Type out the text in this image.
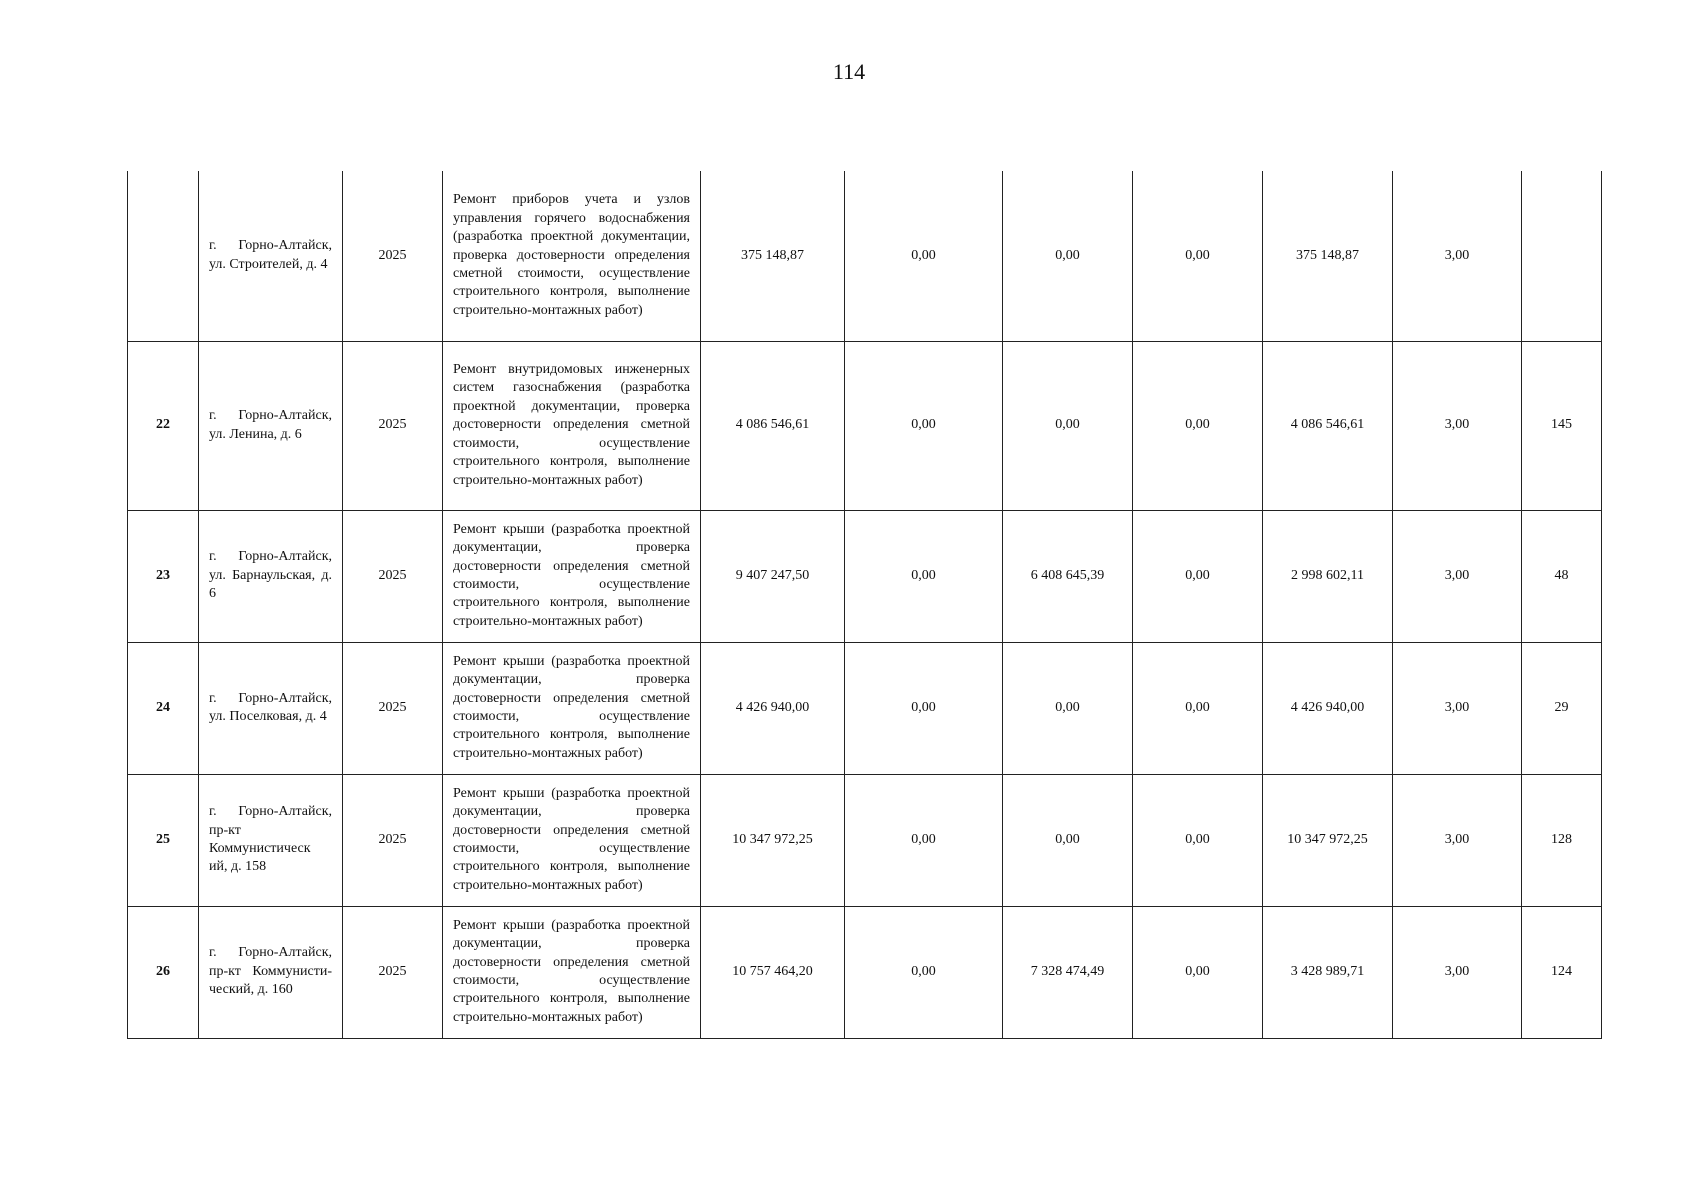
114
	г. Горно-Алтайск, ул. Строителей, д. 4	2025	Ремонт приборов учета и узлов управления горячего водоснабжения (разработка проектной документации, проверка достоверности определения сметной стоимости, осуществление строительного контроля, выполнение строительно-монтажных работ)	375 148,87	0,00	0,00	0,00	375 148,87	3,00	
22	г. Горно-Алтайск, ул. Ленина, д. 6	2025	Ремонт внутридомовых инженерных систем газоснабжения (разработка проектной документации, проверка достоверности определения сметной стоимости, осуществление строительного контроля, выполнение строительно-монтажных работ)	4 086 546,61	0,00	0,00	0,00	4 086 546,61	3,00	145
23	г. Горно-Алтайск, ул. Барнаульская, д. 6	2025	Ремонт крыши (разработка проектной документации, проверка достоверности определения сметной стоимости, осуществление строительного контроля, выполнение строительно-монтажных работ)	9 407 247,50	0,00	6 408 645,39	0,00	2 998 602,11	3,00	48
24	г. Горно-Алтайск, ул. Поселковая, д. 4	2025	Ремонт крыши (разработка проектной документации, проверка достоверности определения сметной стоимости, осуществление строительного контроля, выполнение строительно-монтажных работ)	4 426 940,00	0,00	0,00	0,00	4 426 940,00	3,00	29
25	г. Горно-Алтайск, пр-кт Коммунистическ ий, д. 158	2025	Ремонт крыши (разработка проектной документации, проверка достоверности определения сметной стоимости, осуществление строительного контроля, выполнение строительно-монтажных работ)	10 347 972,25	0,00	0,00	0,00	10 347 972,25	3,00	128
26	г. Горно-Алтайск, пр-кт Коммунисти-ческий, д. 160	2025	Ремонт крыши (разработка проектной документации, проверка достоверности определения сметной стоимости, осуществление строительного контроля, выполнение строительно-монтажных работ)	10 757 464,20	0,00	7 328 474,49	0,00	3 428 989,71	3,00	124
